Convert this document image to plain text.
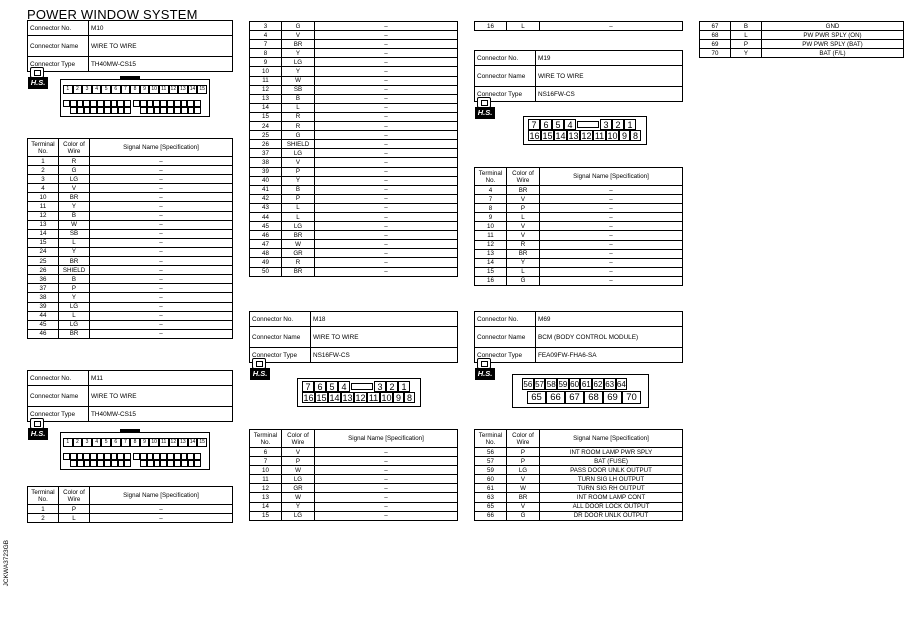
POWER WINDOW SYSTEM
JCKWA3723GB
Connector No.	M10
Connector Name	WIRE TO WIRE
Connector Type	TH40MW-CS15
H.S.
1	2	3	4	5	6	7	8	9	10 11 12 13 14 15
Terminal No.	Color of Wire	Signal Name [Specification]
1	R	–
2	G	–
3	LG	–
4	V	–
10	BR	–
11	Y	–
12	B	–
13	W	–
14	SB	–
15	L	–
24	Y	–
25	BR	–
26	SHIELD	–
36	B	–
37	P	–
38	Y	–
39	LG	–
44	L	–
45	LG	–
46	BR	–
Connector No.	M11
Connector Name	WIRE TO WIRE
Connector Type	TH40MW-CS15
H.S.
1	2	3	4	5	6	7	8	9	10 11 12 13 14 15
Terminal No.	Color of Wire	Signal Name [Specification]
1	P	–
2	L	–
3	G	–
4	V	–
7	BR	–
8	Y	–
9	LG	–
10	Y	–
11	W	–
12	SB	–
13	B	–
14	L	–
15	R	–
24	R	–
25	G	–
26	SHIELD	–
37	LG	–
38	V	–
39	P	–
40	Y	–
41	B	–
42	P	–
43	L	–
44	L	–
45	LG	–
46	BR	–
47	W	–
48	GR	–
49	R	–
50	BR	–
Connector No.	M18
Connector Name	WIRE TO WIRE
Connector Type	NS16FW-CS
H.S.
7 6 5 4	3 2 1
16 15 14 13 12 11 10 9 8
Terminal No.	Color of Wire	Signal Name [Specification]
6	V	–
7	P	–
10	W	–
11	LG	–
12	GR	–
13	W	–
14	Y	–
15	LG	–
16	L	–
Connector No.	M19
Connector Name	WIRE TO WIRE
Connector Type	NS16FW-CS
H.S.
7 6 5 4	3 2 1
16 15 14 13 12 11 10 9 8
Terminal No.	Color of Wire	Signal Name [Specification]
4	BR	–
7	V	–
8	P	–
9	L	–
10	V	–
11	V	–
12	R	–
13	BR	–
14	Y	–
15	L	–
16	G	–
Connector No.	M69
Connector Name	BCM (BODY CONTROL MODULE)
Connector Type	FEA09FW-FHA6-SA
H.S.
56 57 58 59 60 61 62 63 64
65 66 67 68 69 70
Terminal No.	Color of Wire	Signal Name [Specification]
56	P	INT ROOM LAMP PWR SPLY
57	P	BAT (FUSE)
59	LG	PASS DOOR UNLK OUTPUT
60	V	TURN SIG LH OUTPUT
61	W	TURN SIG RH OUTPUT
63	BR	INT ROOM LAMP CONT
65	V	ALL DOOR LOCK OUTPUT
66	G	DR DOOR UNLK OUTPUT
67	B	GND
68	L	PW PWR SPLY (ON)
69	P	PW PWR SPLY (BAT)
70	Y	BAT (F/L)
